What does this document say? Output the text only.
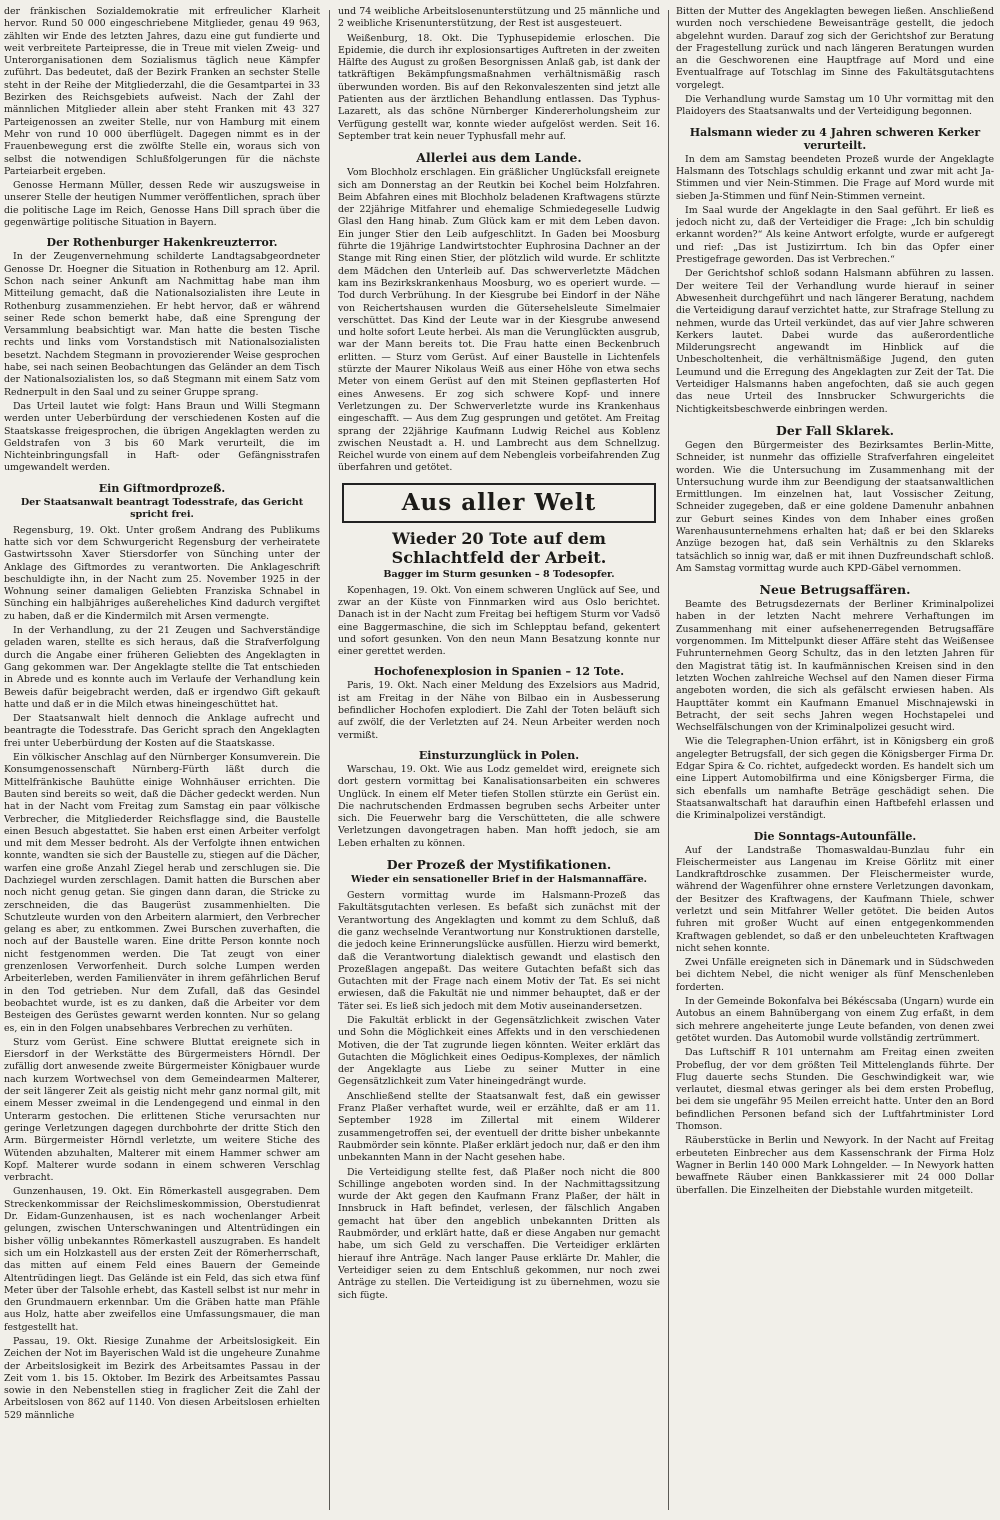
der fränkischen Sozialdemokratie mit erfreulicher Klarheit hervor. Rund 50 000 eingeschriebene Mitglieder, genau 49 963, zählten wir Ende des letzten Jahres, dazu eine gut fundierte und weit verbreitete Parteipresse, die in Treue mit vielen Zweig- und Unterorganisationen dem Sozialismus täglich neue Kämpfer zuführt. Das bedeutet, daß der Bezirk Franken an sechster Stelle steht in der Reihe der Mitgliederzahl, die die Gesamtpartei in 33 Bezirken des Reichsgebiets aufweist. Nach der Zahl der männlichen Mitglieder allein aber steht Franken mit 43 327 Parteigenossen an zweiter Stelle, nur von Hamburg mit einem Mehr von rund 10 000 überflügelt. Dagegen nimmt es in der Frauenbewegung erst die zwölfte Stelle ein, woraus sich von selbst die notwendigen Schlußfolgerungen für die nächste Parteiarbeit ergeben.

Genosse Hermann Müller, dessen Rede wir auszugsweise in unserer Stelle der heutigen Nummer veröffentlichen, sprach über die politische Lage im Reich, Genosse Hans Dill sprach über die gegenwärtige politische Situation in Bayern.

Der Rothenburger Hakenkreuzterror.

In der Zeugenvernehmung schilderte Landtagsabgeordneter Genosse Dr. Hoegner die Situation in Rothenburg am 12. April. Schon nach seiner Ankunft am Nachmittag habe man ihm Mitteilung gemacht, daß die Nationalsozialisten ihre Leute in Rothenburg zusammenziehen. Er hebt hervor, daß er während seiner Rede schon bemerkt habe, daß eine Sprengung der Versammlung beabsichtigt war. Man hatte die besten Tische rechts und links vom Vorstandstisch mit Nationalsozialisten besetzt. Nachdem Stegmann in provozierender Weise gesprochen habe, sei nach seinen Beobachtungen das Geländer an dem Tisch der Nationalsozialisten los, so daß Stegmann mit einem Satz vom Rednerpult in den Saal und zu seiner Gruppe sprang.

Das Urteil lautet wie folgt: Hans Braun und Willi Stegmann werden unter Ueberbürdung der verschiedenen Kosten auf die Staatskasse freigesprochen, die übrigen Angeklagten werden zu Geldstrafen von 3 bis 60 Mark verurteilt, die im Nichteinbringungsfall in Haft- oder Gefängnisstrafen umgewandelt werden.

Ein Giftmordprozeß.
Der Staatsanwalt beantragt Todesstrafe, das Gericht spricht frei.

Regensburg, 19. Okt. Unter großem Andrang des Publikums hatte sich vor dem Schwurgericht Regensburg der verheiratete Gastwirtssohn Xaver Stiersdorfer von Sünching unter der Anklage des Giftmordes zu verantworten. Die Anklageschrift beschuldigte ihn, in der Nacht zum 25. November 1925 in der Wohnung seiner damaligen Geliebten Franziska Schnabel in Sünching ein halbjähriges außereheliches Kind dadurch vergiftet zu haben, daß er die Kindermilch mit Arsen vermengte.

In der Verhandlung, zu der 21 Zeugen und Sachverständige geladen waren, stellte es sich heraus, daß die Strafverfolgung durch die Angabe einer früheren Geliebten des Angeklagten in Gang gekommen war. Der Angeklagte stellte die Tat entschieden in Abrede und es konnte auch im Verlaufe der Verhandlung kein Beweis dafür beigebracht werden, daß er irgendwo Gift gekauft hatte und daß er in die Milch etwas hineingeschüttet hat.

Der Staatsanwalt hielt dennoch die Anklage aufrecht und beantragte die Todesstrafe. Das Gericht sprach den Angeklagten frei unter Ueberbürdung der Kosten auf die Staatskasse.

Ein völkischer Anschlag auf den Nürnberger Konsumverein. Die Konsumgenossenschaft Nürnberg-Fürth läßt durch die Mittelfränkische Bauhütte einige Wohnhäuser errichten. Die Bauten sind bereits so weit, daß die Dächer gedeckt werden. Nun hat in der Nacht vom Freitag zum Samstag ein paar völkische Verbrecher, die Mitgliederder Reichsflagge sind, die Baustelle einen Besuch abgestattet. Sie haben erst einen Arbeiter verfolgt und mit dem Messer bedroht. Als der Verfolgte ihnen entwichen konnte, wandten sie sich der Baustelle zu, stiegen auf die Dächer, warfen eine große Anzahl Ziegel herab und zerschlugen sie. Die Dachziegel wurden zerschlagen. Damit hatten die Burschen aber noch nicht genug getan. Sie gingen dann daran, die Stricke zu zerschneiden, die das Baugerüst zusammenhielten. Die Schutzleute wurden von den Arbeitern alarmiert, den Verbrecher gelang es aber, zu entkommen. Zwei Burschen zuverhaften, die noch auf der Baustelle waren. Eine dritte Person konnte noch nicht festgenommen werden. Die Tat zeugt von einer grenzenlosen Verworfenheit. Durch solche Lumpen werden Arbeiterleben, werden Familienväter in ihrem gefährlichen Beruf in den Tod getrieben. Nur dem Zufall, daß das Gesindel beobachtet wurde, ist es zu danken, daß die Arbeiter vor dem Besteigen des Gerüstes gewarnt werden konnten. Nur so gelang es, ein in den Folgen unabsehbares Verbrechen zu verhüten.

Sturz vom Gerüst. Eine schwere Bluttat ereignete sich in Eiersdorf in der Werkstätte des Bürgermeisters Hörndl. Der zufällig dort anwesende zweite Bürgermeister Königbauer wurde nach kurzem Wortwechsel von dem Gemeindearmen Malterer, der seit längerer Zeit als geistig nicht mehr ganz normal gilt, mit einem Messer zweimal in die Lendengegend und einmal in den Unterarm gestochen. Die erlittenen Stiche verursachten nur geringe Verletzungen dagegen durchbohrte der dritte Stich den Arm. Bürgermeister Hörndl verletzte, um weitere Stiche des Wütenden abzuhalten, Malterer mit einem Hammer schwer am Kopf. Malterer wurde sodann in einem schweren Verschlag verbracht.

Gunzenhausen, 19. Okt. Ein Römerkastell ausgegraben. Dem Streckenkommissar der Reichslimeskommission, Oberstudienrat Dr. Eidam-Gunzenhausen, ist es nach wochenlanger Arbeit gelungen, zwischen Unterschwaningen und Altentrüdingen ein bisher völlig unbekanntes Römerkastell auszugraben. Es handelt sich um ein Holzkastell aus der ersten Zeit der Römerherrschaft, das mitten auf einem Feld eines Bauern der Gemeinde Altentrüdingen liegt. Das Gelände ist ein Feld, das sich etwa fünf Meter über der Talsohle erhebt, das Kastell selbst ist nur mehr in den Grundmauern erkennbar. Um die Gräben hatte man Pfähle aus Holz, hatte aber zweifellos eine Umfassungsmauer, die man festgestellt hat.

Passau, 19. Okt. Riesige Zunahme der Arbeitslosigkeit. Ein Zeichen der Not im Bayerischen Wald ist die ungeheure Zunahme der Arbeitslosigkeit im Bezirk des Arbeitsamtes Passau in der Zeit vom 1. bis 15. Oktober. Im Bezirk des Arbeitsamtes Passau sowie in den Nebenstellen stieg in fraglicher Zeit die Zahl der Arbeitslosen von 862 auf 1140. Von diesen Arbeitslosen erhielten 529 männliche

und 74 weibliche Arbeitslosenunterstützung und 25 männliche und 2 weibliche Krisenunterstützung, der Rest ist ausgesteuert.

Weißenburg, 18. Okt. Die Typhusepidemie erloschen. Die Epidemie, die durch ihr explosionsartiges Auftreten in der zweiten Hälfte des August zu großen Besorgnissen Anlaß gab, ist dank der tatkräftigen Bekämpfungsmaßnahmen verhältnismäßig rasch überwunden worden. Bis auf den Rekonvaleszenten sind jetzt alle Patienten aus der ärztlichen Behandlung entlassen. Das Typhus-Lazarett, als das schöne Nürnberger Kindererholungsheim zur Verfügung gestellt war, konnte wieder aufgelöst werden. Seit 16. September trat kein neuer Typhusfall mehr auf.

Allerlei aus dem Lande.

Vom Blochholz erschlagen. Ein gräßlicher Unglücksfall ereignete sich am Donnerstag an der Reutkin bei Kochel beim Holzfahren. Beim Abfahren eines mit Blochholz beladenen Kraftwagens stürzte der 22jährige Mitfahrer und ehemalige Schmiedegeselle Ludwig Glasl den Hang hinab. Zum Glück kam er mit dem Leben davon. Ein junger Stier den Leib aufgeschlitzt. In Gaden bei Moosburg führte die 19jährige Landwirtstochter Euphrosina Dachner an der Stange mit Ring einen Stier, der plötzlich wild wurde. Er schlitzte dem Mädchen den Unterleib auf. Das schwerverletzte Mädchen kam ins Bezirkskrankenhaus Moosburg, wo es operiert wurde. — Tod durch Verbrühung. In der Kiesgrube bei Eindorf in der Nähe von Reichertshausen wurden die Gütersehelsleute Simelmaier verschüttet. Das Kind der Leute war in der Kiesgrube anwesend und holte sofort Leute herbei. Als man die Verunglückten ausgrub, war der Mann bereits tot. Die Frau hatte einen Beckenbruch erlitten. — Sturz vom Gerüst. Auf einer Baustelle in Lichtenfels stürzte der Maurer Nikolaus Weiß aus einer Höhe von etwa sechs Meter von einem Gerüst auf den mit Steinen gepflasterten Hof eines Anwesens. Er zog sich schwere Kopf- und innere Verletzungen zu. Der Schwerverletzte wurde ins Krankenhaus eingeschafft. — Aus dem Zug gesprungen und getötet. Am Freitag sprang der 22jährige Kaufmann Ludwig Reichel aus Koblenz zwischen Neustadt a. H. und Lambrecht aus dem Schnellzug. Reichel wurde von einem auf dem Nebengleis vorbeifahrenden Zug überfahren und getötet.

Aus aller Welt
Wieder 20 Tote auf dem Schlachtfeld der Arbeit.
Bagger im Sturm gesunken – 8 Todesopfer.

Kopenhagen, 19. Okt. Von einem schweren Unglück auf See, und zwar an der Küste von Finnmarken wird aus Oslo berichtet. Danach ist in der Nacht zum Freitag bei heftigem Sturm vor Vadsö eine Baggermaschine, die sich im Schlepptau befand, gekentert und sofort gesunken. Von den neun Mann Besatzung konnte nur einer gerettet werden.

Hochofenexplosion in Spanien – 12 Tote.

Paris, 19. Okt. Nach einer Meldung des Exzelsiors aus Madrid, ist am Freitag in der Nähe von Bilbao ein in Ausbesserung befindlicher Hochofen explodiert. Die Zahl der Toten beläuft sich auf zwölf, die der Verletzten auf 24. Neun Arbeiter werden noch vermißt.

Einsturzunglück in Polen.

Warschau, 19. Okt. Wie aus Lodz gemeldet wird, ereignete sich dort gestern vormittag bei Kanalisationsarbeiten ein schweres Unglück. In einem elf Meter tiefen Stollen stürzte ein Gerüst ein. Die nachrutschenden Erdmassen begruben sechs Arbeiter unter sich. Die Feuerwehr barg die Verschütteten, die alle schwere Verletzungen davongetragen haben. Man hofft jedoch, sie am Leben erhalten zu können.

Der Prozeß der Mystifikationen.
Wieder ein sensationeller Brief in der Halsmannaffäre.

Gestern vormittag wurde im Halsmann-Prozeß das Fakultätsgutachten verlesen. Es befaßt sich zunächst mit der Verantwortung des Angeklagten und kommt zu dem Schluß, daß die ganz wechselnde Verantwortung nur Konstruktionen darstelle, die jedoch keine Erinnerungslücke ausfüllen. Hierzu wird bemerkt, daß die Verantwortung dialektisch gewandt und elastisch den Prozeßlagen angepaßt. Das weitere Gutachten befaßt sich das Gutachten mit der Frage nach einem Motiv der Tat. Es sei nicht erwiesen, daß die Fakultät nie und nimmer behauptet, daß er der Täter sei. Es ließ sich jedoch mit dem Motiv auseinandersetzen.

Die Fakultät erblickt in der Gegensätzlichkeit zwischen Vater und Sohn die Möglichkeit eines Affekts und in den verschiedenen Motiven, die der Tat zugrunde liegen könnten. Weiter erklärt das Gutachten die Möglichkeit eines Oedipus-Komplexes, der nämlich der Angeklagte aus Liebe zu seiner Mutter in eine Gegensätzlichkeit zum Vater hineingedrängt wurde.

Anschließend stellte der Staatsanwalt fest, daß ein gewisser Franz Plaßer verhaftet wurde, weil er erzählte, daß er am 11. September 1928 im Zillertal mit einem Wilderer zusammengetroffen sei, der eventuell der dritte bisher unbekannte Raubmörder sein könnte. Plaßer erklärt jedoch nur, daß er den ihm unbekannten Mann in der Nacht gesehen habe.

Die Verteidigung stellte fest, daß Plaßer noch nicht die 800 Schillinge angeboten worden sind. In der Nachmittagssitzung wurde der Akt gegen den Kaufmann Franz Plaßer, der hält in Innsbruck in Haft befindet, verlesen, der fälschlich Angaben gemacht hat über den angeblich unbekannten Dritten als Raubmörder, und erklärt hatte, daß er diese Angaben nur gemacht habe, um sich Geld zu verschaffen. Die Verteidiger erklärten hierauf ihre Anträge. Nach langer Pause erklärte Dr. Mahler, die Verteidiger seien zu dem Entschluß gekommen, nur noch zwei Anträge zu stellen. Die Verteidigung ist zu übernehmen, wozu sie sich fügte.

Bitten der Mutter des Angeklagten bewegen ließen. Anschließend wurden noch verschiedene Beweisanträge gestellt, die jedoch abgelehnt wurden. Darauf zog sich der Gerichtshof zur Beratung der Fragestellung zurück und nach längeren Beratungen wurden an die Geschworenen eine Hauptfrage auf Mord und eine Eventualfrage auf Totschlag im Sinne des Fakultätsgutachtens vorgelegt.

Die Verhandlung wurde Samstag um 10 Uhr vormittag mit den Plaidoyers des Staatsanwalts und der Verteidigung begonnen.

Halsmann wieder zu 4 Jahren schweren Kerker verurteilt.

In dem am Samstag beendeten Prozeß wurde der Angeklagte Halsmann des Totschlags schuldig erkannt und zwar mit acht Ja-Stimmen und vier Nein-Stimmen. Die Frage auf Mord wurde mit sieben Ja-Stimmen und fünf Nein-Stimmen verneint.

Im Saal wurde der Angeklagte in den Saal geführt. Er ließ es jedoch nicht zu, daß der Verteidiger die Frage: „Ich bin schuldig erkannt worden?“ Als keine Antwort erfolgte, wurde er aufgeregt und rief: „Das ist Justizirrtum. Ich bin das Opfer einer Prestigefrage geworden. Das ist Verbrechen.“

Der Gerichtshof schloß sodann Halsmann abführen zu lassen. Der weitere Teil der Verhandlung wurde hierauf in seiner Abwesenheit durchgeführt und nach längerer Beratung, nachdem die Verteidigung darauf verzichtet hatte, zur Strafrage Stellung zu nehmen, wurde das Urteil verkündet, das auf vier Jahre schweren Kerkers lautet. Dabei wurde das außerordentliche Milderungsrecht angewandt im Hinblick auf die Unbescholtenheit, die verhältnismäßige Jugend, den guten Leumund und die Erregung des Angeklagten zur Zeit der Tat. Die Verteidiger Halsmanns haben angefochten, daß sie auch gegen das neue Urteil des Innsbrucker Schwurgerichts die Nichtigkeitsbeschwerde einbringen werden.

Der Fall Sklarek.

Gegen den Bürgermeister des Bezirksamtes Berlin-Mitte, Schneider, ist nunmehr das offizielle Strafverfahren eingeleitet worden. Wie die Untersuchung im Zusammenhang mit der Untersuchung wurde ihm zur Beendigung der staatsanwaltlichen Ermittlungen. Im einzelnen hat, laut Vossischer Zeitung, Schneider zugegeben, daß er eine goldene Damenuhr anbahnen zur Geburt seines Kindes von dem Inhaber eines großen Warenhausunternehmens erhalten hat; daß er bei den Sklareks Anzüge bezogen hat, daß sein Verhältnis zu den Sklareks tatsächlich so innig war, daß er mit ihnen Duzfreundschaft schloß. Am Samstag vormittag wurde auch KPD-Gäbel vernommen.

Neue Betrugsaffären.

Beamte des Betrugsdezernats der Berliner Kriminalpolizei haben in der letzten Nacht mehrere Verhaftungen im Zusammenhang mit einer aufsehenerregenden Betrugsaffäre vorgenommen. Im Mittelpunkt dieser Affäre steht das Weißensee Fuhrunternehmen Georg Schultz, das in den letzten Jahren für den Magistrat tätig ist. In kaufmännischen Kreisen sind in den letzten Wochen zahlreiche Wechsel auf den Namen dieser Firma angeboten worden, die sich als gefälscht erwiesen haben. Als Haupttäter kommt ein Kaufmann Emanuel Mischnajewski in Betracht, der seit sechs Jahren wegen Hochstapelei und Wechselfälschungen von der Kriminalpolizei gesucht wird.

Wie die Telegraphen-Union erfährt, ist in Königsberg ein groß angelegter Betrugsfall, der sich gegen die Königsberger Firma Dr. Edgar Spira & Co. richtet, aufgedeckt worden. Es handelt sich um eine Lippert Automobilfirma und eine Königsberger Firma, die sich ebenfalls um namhafte Beträge geschädigt sehen. Die Staatsanwaltschaft hat daraufhin einen Haftbefehl erlassen und die Kriminalpolizei verständigt.

Die Sonntags-Autounfälle.

Auf der Landstraße Thomaswaldau-Bunzlau fuhr ein Fleischermeister aus Langenau im Kreise Görlitz mit einer Landkraftdroschke zusammen. Der Fleischermeister wurde, während der Wagenführer ohne ernstere Verletzungen davonkam, der Besitzer des Kraftwagens, der Kaufmann Thiele, schwer verletzt und sein Mitfahrer Weller getötet. Die beiden Autos fuhren mit großer Wucht auf einen entgegenkommenden Kraftwagen geblendet, so daß er den unbeleuchteten Kraftwagen nicht sehen konnte.

Zwei Unfälle ereigneten sich in Dänemark und in Südschweden bei dichtem Nebel, die nicht weniger als fünf Menschenleben forderten.

In der Gemeinde Bokonfalva bei Békéscsaba (Ungarn) wurde ein Autobus an einem Bahnübergang von einem Zug erfaßt, in dem sich mehrere angeheiterte junge Leute befanden, von denen zwei getötet wurden. Das Automobil wurde vollständig zertrümmert.

Das Luftschiff R 101 unternahm am Freitag einen zweiten Probeflug, der vor dem größten Teil Mittelenglands führte. Der Flug dauerte sechs Stunden. Die Geschwindigkeit war, wie verlautet, diesmal etwas geringer als bei dem ersten Probeflug, bei dem sie ungefähr 95 Meilen erreicht hatte. Unter den an Bord befindlichen Personen befand sich der Luftfahrtminister Lord Thomson.

Räuberstücke in Berlin und Newyork. In der Nacht auf Freitag erbeuteten Einbrecher aus dem Kassenschrank der Firma Holz Wagner in Berlin 140 000 Mark Lohngelder. — In Newyork hatten bewaffnete Räuber einen Bankkassierer mit 24 000 Dollar überfallen. Die Einzelheiten der Diebstahle wurden mitgeteilt.
